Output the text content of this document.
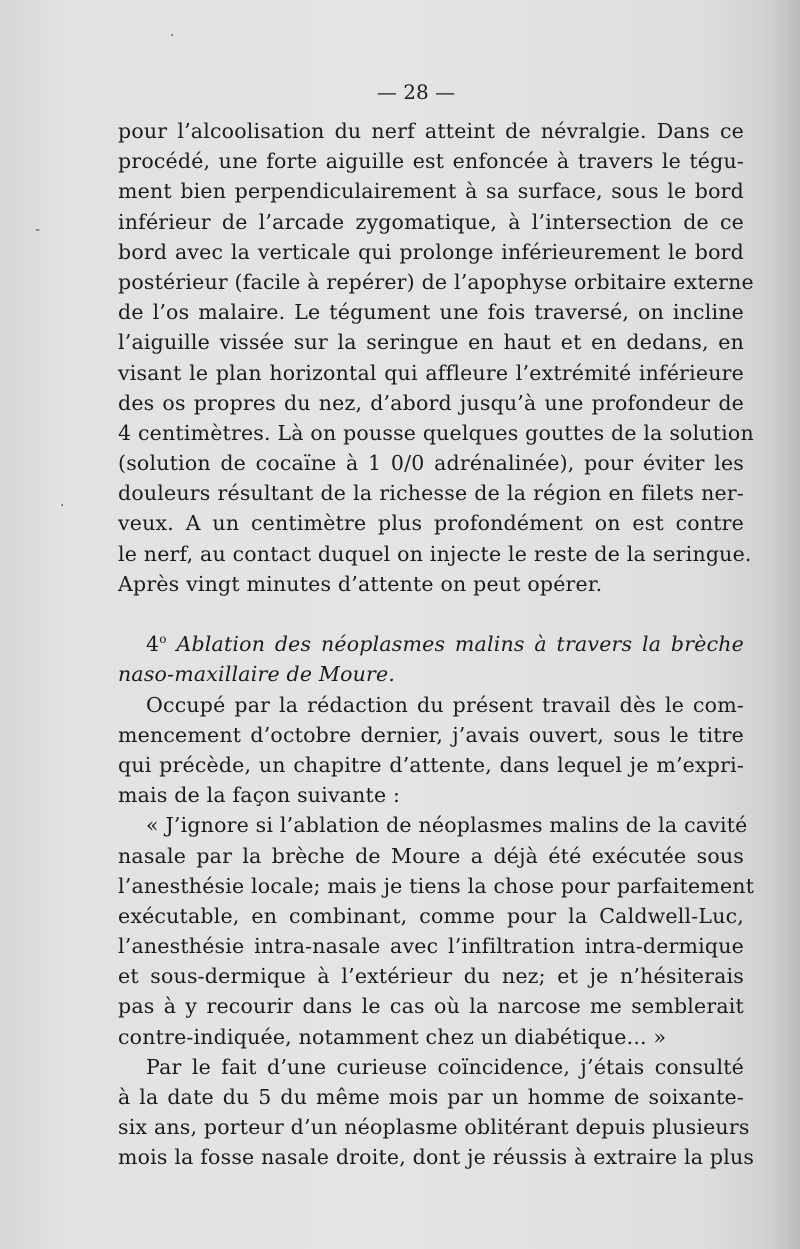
·
-
·

— 28 —

pour l’alcoolisation du nerf atteint de névralgie. Dans ce
procédé, une forte aiguille est enfoncée à travers le tégu-
ment bien perpendiculairement à sa surface, sous le bord
inférieur de l’arcade zygomatique, à l’intersection de ce
bord avec la verticale qui prolonge inférieurement le bord
postérieur (facile à repérer) de l’apophyse orbitaire externe
de l’os malaire. Le tégument une fois traversé, on incline
l’aiguille vissée sur la seringue en haut et en dedans, en
visant le plan horizontal qui affleure l’extrémité inférieure
des os propres du nez, d’abord jusqu’à une profondeur de
4 centimètres. Là on pousse quelques gouttes de la solution
(solution de cocaïne à 1 0/0 adrénalinée), pour éviter les
douleurs résultant de la richesse de la région en filets ner-
veux. A un centimètre plus profondément on est contre
le nerf, au contact duquel on injecte le reste de la seringue.
Après vingt minutes d’attente on peut opérer.
4$^o$ Ablation des néoplasmes malins à travers la brèche
naso-maxillaire de Moure.
Occupé par la rédaction du présent travail dès le com-
mencement d’octobre dernier, j’avais ouvert, sous le titre
qui précède, un chapitre d’attente, dans lequel je m’expri-
mais de la façon suivante :
« J’ignore si l’ablation de néoplasmes malins de la cavité
nasale par la brèche de Moure a déjà été exécutée sous
l’anesthésie locale; mais je tiens la chose pour parfaitement
exécutable, en combinant, comme pour la Caldwell-Luc,
l’anesthésie intra-nasale avec l’infiltration intra-dermique
et sous-dermique à l’extérieur du nez; et je n’hésiterais
pas à y recourir dans le cas où la narcose me semblerait
contre-indiquée, notamment chez un diabétique... »
Par le fait d’une curieuse coïncidence, j’étais consulté
à la date du 5 du même mois par un homme de soixante-
six ans, porteur d’un néoplasme oblitérant depuis plusieurs
mois la fosse nasale droite, dont je réussis à extraire la plus
